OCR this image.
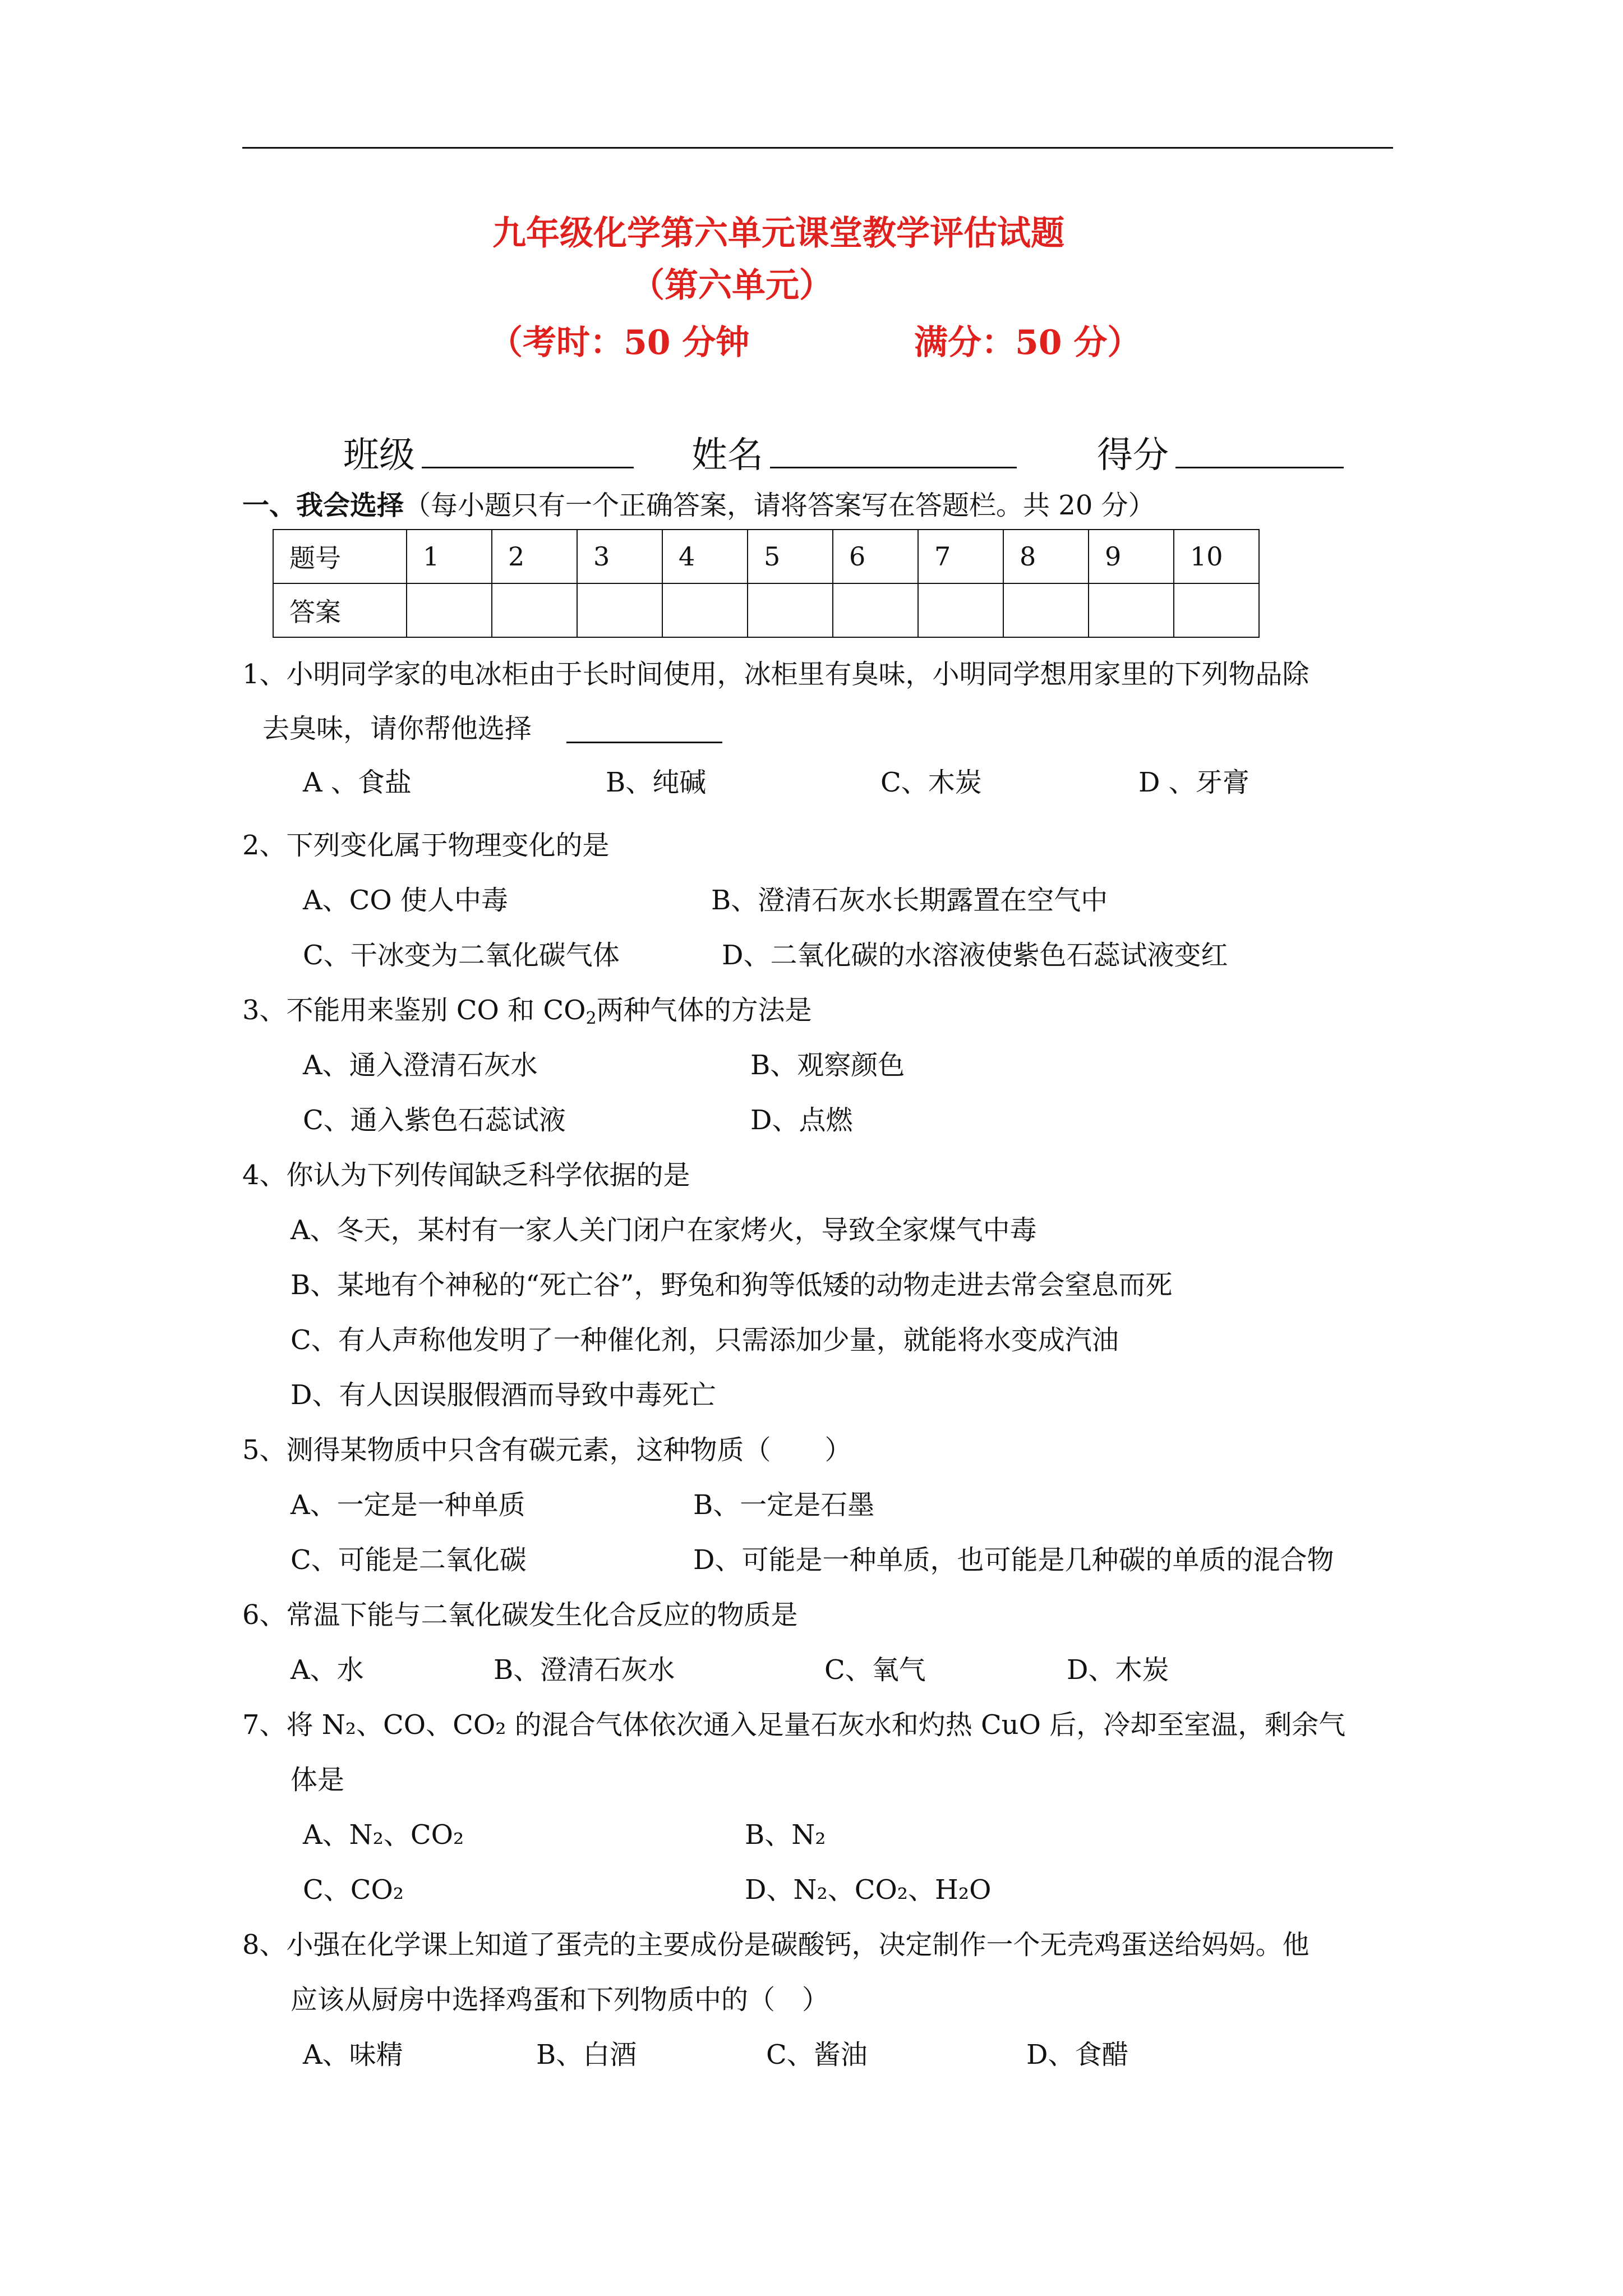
九年级化学第六单元课堂教学评估试题
（第六单元）
（考时：50 分钟	满分：50 分）
班级	姓名	得分
一、我会选择（每小题只有一个正确答案，请将答案写在答题栏。共 20 分）
题号	1	2	3	4	5	6	7	8	9	10
答案										
1、小明同学家的电冰柜由于长时间使用，冰柜里有臭味，小明同学想用家里的下列物品除
去臭味，请你帮他选择
A 、食盐	B、纯碱	C、木炭	D 、牙膏
2、下列变化属于物理变化的是
A、CO 使人中毒	B、澄清石灰水长期露置在空气中
C、干冰变为二氧化碳气体	D、二氧化碳的水溶液使紫色石蕊试液变红
3、不能用来鉴别 CO 和 $CO_2$两种气体的方法是
A、通入澄清石灰水	B、观察颜色
C、通入紫色石蕊试液	D、点燃
4、你认为下列传闻缺乏科学依据的是
A、冬天，某村有一家人关门闭户在家烤火，导致全家煤气中毒
B、某地有个神秘的“死亡谷”，野兔和狗等低矮的动物走进去常会窒息而死
C、有人声称他发明了一种催化剂，只需添加少量，就能将水变成汽油
D、有人因误服假酒而导致中毒死亡
5、测得某物质中只含有碳元素，这种物质（　　）
A、一定是一种单质	B、一定是石墨
C、可能是二氧化碳	D、可能是一种单质，也可能是几种碳的单质的混合物
6、常温下能与二氧化碳发生化合反应的物质是
A、水	B、澄清石灰水	C、氧气	D、木炭
7、将 N₂、CO、CO₂ 的混合气体依次通入足量石灰水和灼热 CuO 后，冷却至室温，剩余气
体是
A、N₂、CO₂	B、N₂
C、CO₂	D、N₂、CO₂、H₂O
8、小强在化学课上知道了蛋壳的主要成份是碳酸钙，决定制作一个无壳鸡蛋送给妈妈。他
应该从厨房中选择鸡蛋和下列物质中的（　）
A、味精	B、白酒	C、酱油	D、食醋
